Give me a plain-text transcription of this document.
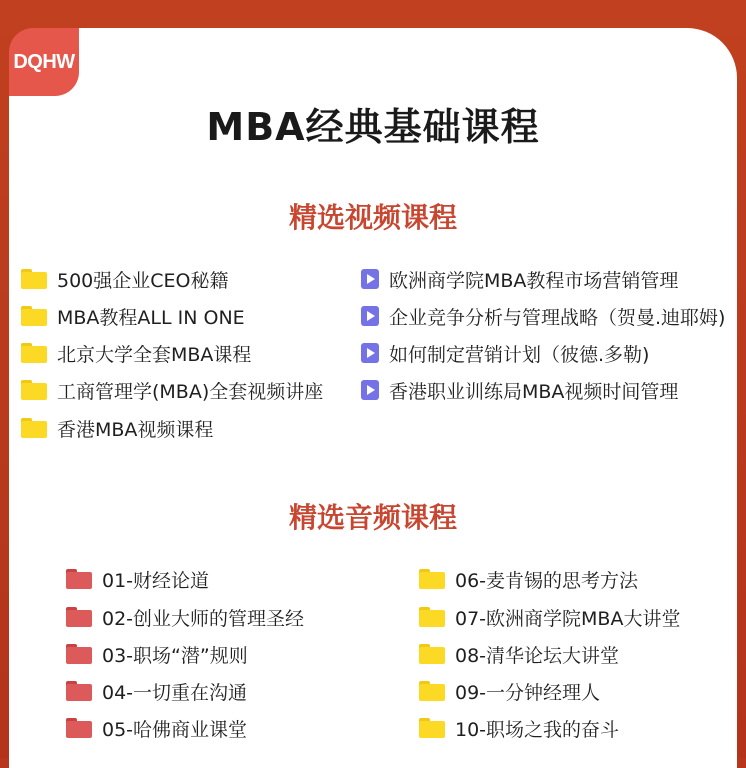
DQHW
MBA经典基础课程
精选视频课程
500强企业CEO秘籍
MBA教程ALL IN ONE
北京大学全套MBA课程
工商管理学(MBA)全套视频讲座
香港MBA视频课程
欧洲商学院MBA教程市场营销管理
企业竞争分析与管理战略（贺曼.迪耶姆)
如何制定营销计划（彼德.多勒)
香港职业训练局MBA视频时间管理
精选音频课程
01-财经论道
02-创业大师的管理圣经
03-职场“潜”规则
04-一切重在沟通
05-哈佛商业课堂
06-麦肯锡的思考方法
07-欧洲商学院MBA大讲堂
08-清华论坛大讲堂
09-一分钟经理人
10-职场之我的奋斗
